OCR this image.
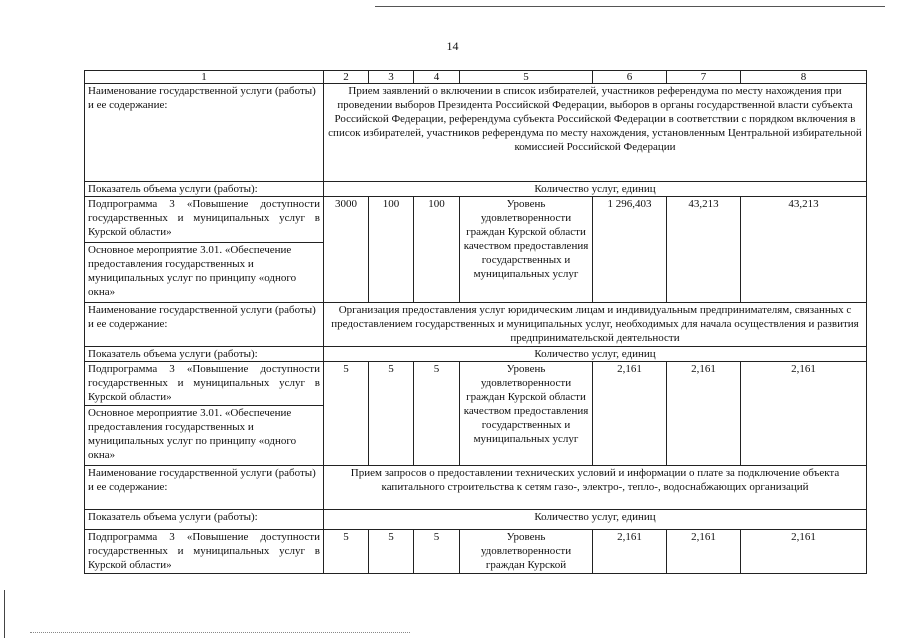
14
1	2	3	4	5	6	7	8
Наименование государственной услуги (работы) и ее содержание:	Прием заявлений о включении в список избирателей, участников референдума по месту нахождения при проведении выборов Президента Российской Федерации, выборов в органы государственной власти субъекта Российской Федерации, референдума субъекта Российской Федерации в соответствии с порядком включения в список избирателей, участников референдума по месту нахождения, установленным Центральной избирательной комиссией Российской Федерации						
Показатель объема услуги (работы):	Количество услуг, единиц						
Подпрограмма 3 «Повышение доступности государственных и муниципальных услуг в Курской области»	3000	100	100	Уровень удовлетворенности граждан Курской области качеством предоставления государственных и муниципальных услуг	1 296,403	43,213	43,213
Основное мероприятие 3.01. «Обеспечение предоставления государственных и муниципальных услуг по принципу «одного окна»							
Наименование государственной услуги (работы) и ее содержание:	Организация предоставления услуг юридическим лицам и индивидуальным предпринимателям, связанных с предоставлением государственных и муниципальных услуг, необходимых для начала осуществления и развития предпринимательской деятельности						
Показатель объема услуги (работы):	Количество услуг, единиц						
Подпрограмма 3 «Повышение доступности государственных и муниципальных услуг в Курской области»	5	5	5	Уровень удовлетворенности граждан Курской области качеством предоставления государственных и муниципальных услуг	2,161	2,161	2,161
Основное мероприятие 3.01. «Обеспечение предоставления государственных и муниципальных услуг по принципу «одного окна»							
Наименование государственной услуги (работы) и ее содержание:	Прием запросов о предоставлении технических условий и информации о плате за подключение объекта капитального строительства к сетям газо-, электро-, тепло-, водоснабжающих организаций						
Показатель объема услуги (работы):	Количество услуг, единиц						
Подпрограмма 3 «Повышение доступности государственных и муниципальных услуг в Курской области»	5	5	5	Уровень удовлетворенности граждан Курской	2,161	2,161	2,161
